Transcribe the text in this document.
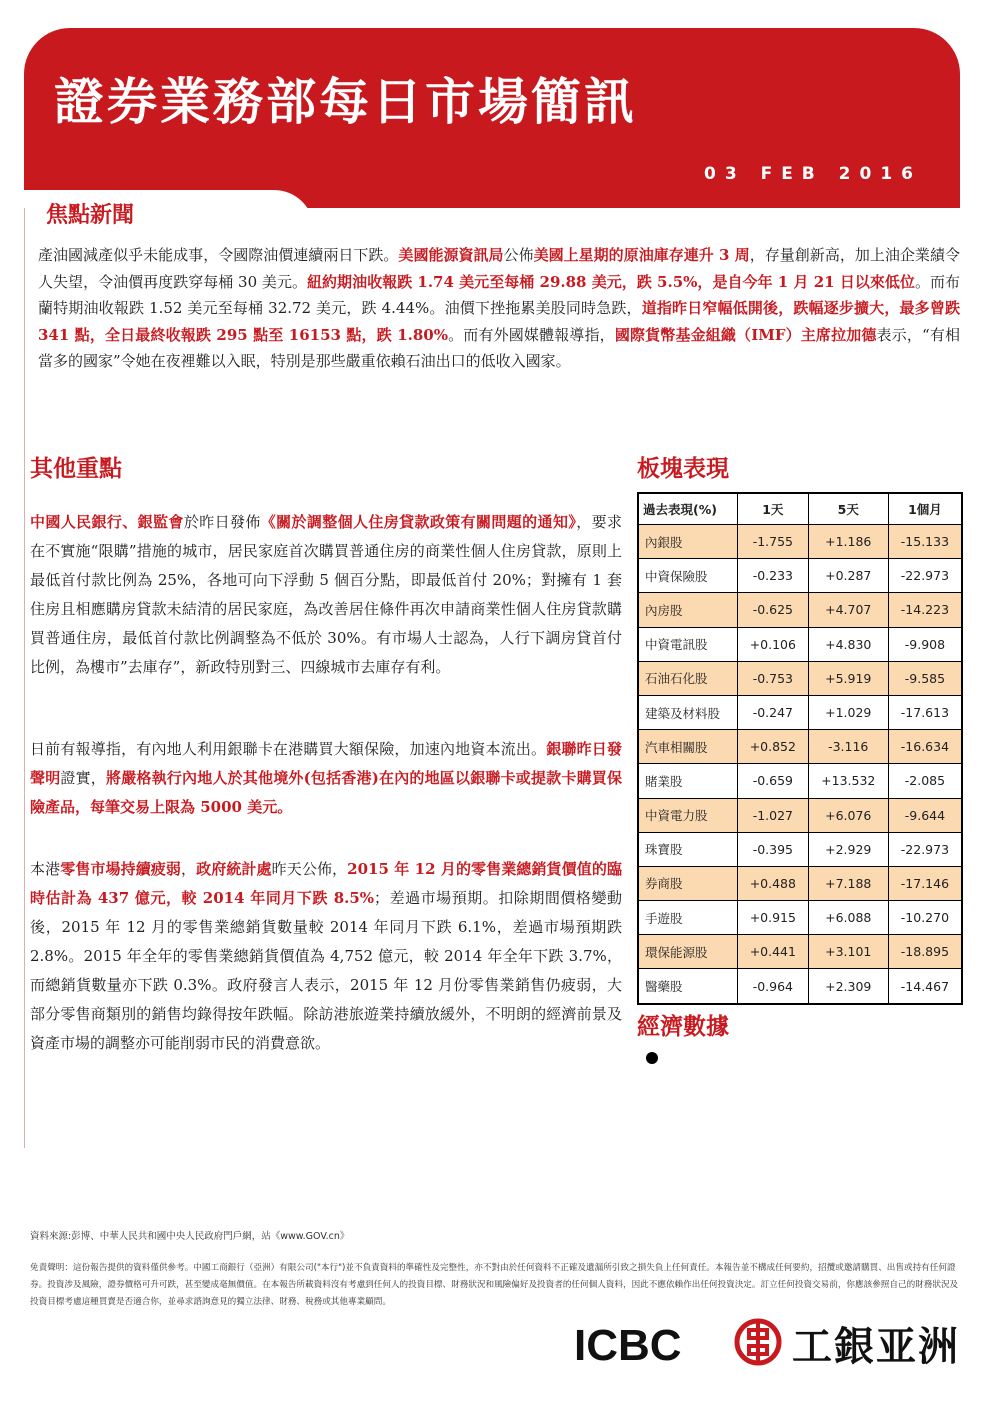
證券業務部每日市場簡訊
03 FEB 2016
焦點新聞
產油國減產似乎未能成事，令國際油價連續兩日下跌。美國能源資訊局公佈美國上星期的原油庫存連升 3 周，存量創新高，加上油企業績令人失望，令油價再度跌穿每桶 30 美元。紐約期油收報跌 1.74 美元至每桶 29.88 美元，跌 5.5%，是自今年 1 月 21 日以來低位。而布蘭特期油收報跌 1.52 美元至每桶 32.72 美元，跌 4.44%。油價下挫拖累美股同時急跌，道指昨日窄幅低開後，跌幅逐步擴大，最多曾跌 341 點，全日最終收報跌 295 點至 16153 點，跌 1.80%。而有外國媒體報導指，國際貨幣基金組織（IMF）主席拉加德表示，“有相當多的國家”令她在夜裡難以入眠，特別是那些嚴重依賴石油出口的低收入國家。
其他重點
中國人民銀行、銀監會於昨日發佈《關於調整個人住房貸款政策有關問題的通知》，要求在不實施“限購”措施的城市，居民家庭首次購買普通住房的商業性個人住房貸款，原則上最低首付款比例為 25%，各地可向下浮動 5 個百分點，即最低首付 20%；對擁有 1 套住房且相應購房貸款未結清的居民家庭，為改善居住條件再次申請商業性個人住房貸款購買普通住房，最低首付款比例調整為不低於 30%。有市場人士認為，人行下調房貸首付比例，為樓市”去庫存”，新政特別對三、四線城市去庫存有利。
日前有報導指，有內地人利用銀聯卡在港購買大額保險，加速內地資本流出。銀聯昨日發聲明證實，將嚴格執行內地人於其他境外(包括香港)在內的地區以銀聯卡或提款卡購買保險產品，每筆交易上限為 5000 美元。
本港零售市場持續疲弱，政府統計處昨天公佈，2015 年 12 月的零售業總銷貨價值的臨時估計為 437 億元，較 2014 年同月下跌 8.5%；差過市場預期。扣除期間價格變動後，2015 年 12 月的零售業總銷貨數量較 2014 年同月下跌 6.1%，差過市場預期跌 2.8%。2015 年全年的零售業總銷貨價值為 4,752 億元，較 2014 年全年下跌 3.7%，而總銷貨數量亦下跌 0.3%。政府發言人表示，2015 年 12 月份零售業銷售仍疲弱，大部分零售商類別的銷售均錄得按年跌幅。除訪港旅遊業持續放緩外，不明朗的經濟前景及資產市場的調整亦可能削弱市民的消費意欲。
板塊表現
過去表現(%)	1天	5天	1個月
內銀股	-1.755	+1.186	-15.133
中資保險股	-0.233	+0.287	-22.973
內房股	-0.625	+4.707	-14.223
中資電訊股	+0.106	+4.830	-9.908
石油石化股	-0.753	+5.919	-9.585
建築及材料股	-0.247	+1.029	-17.613
汽車相關股	+0.852	-3.116	-16.634
賭業股	-0.659	+13.532	-2.085
中資電力股	-1.027	+6.076	-9.644
珠寶股	-0.395	+2.929	-22.973
券商股	+0.488	+7.188	-17.146
手遊股	+0.915	+6.088	-10.270
環保能源股	+0.441	+3.101	-18.895
醫藥股	-0.964	+2.309	-14.467
經濟數據
資料來源:彭博、中華人民共和國中央人民政府門戶網，站《www.GOV.cn》
免責聲明：這份報告提供的資料僅供參考。中國工商銀行（亞洲）有限公司("本行")並不負責資料的準確性及完整性，亦不對由於任何資料不正確及遺漏所引致之損失負上任何責任。本報告並不構成任何要約，招攬或邀請購買、出售或持有任何證券。投資涉及風險，證券價格可升可跌，甚至變成毫無價值。在本報告所載資料沒有考慮到任何人的投資目標、財務狀況和風險偏好及投資者的任何個人資料，因此不應依賴作出任何投資決定。訂立任何投資交易前，你應該參照自己的財務狀況及投資目標考慮這種買賣是否適合你，並尋求諮詢意見的獨立法律、財務、稅務或其他專業顧問。
ICBC	工銀亚洲
